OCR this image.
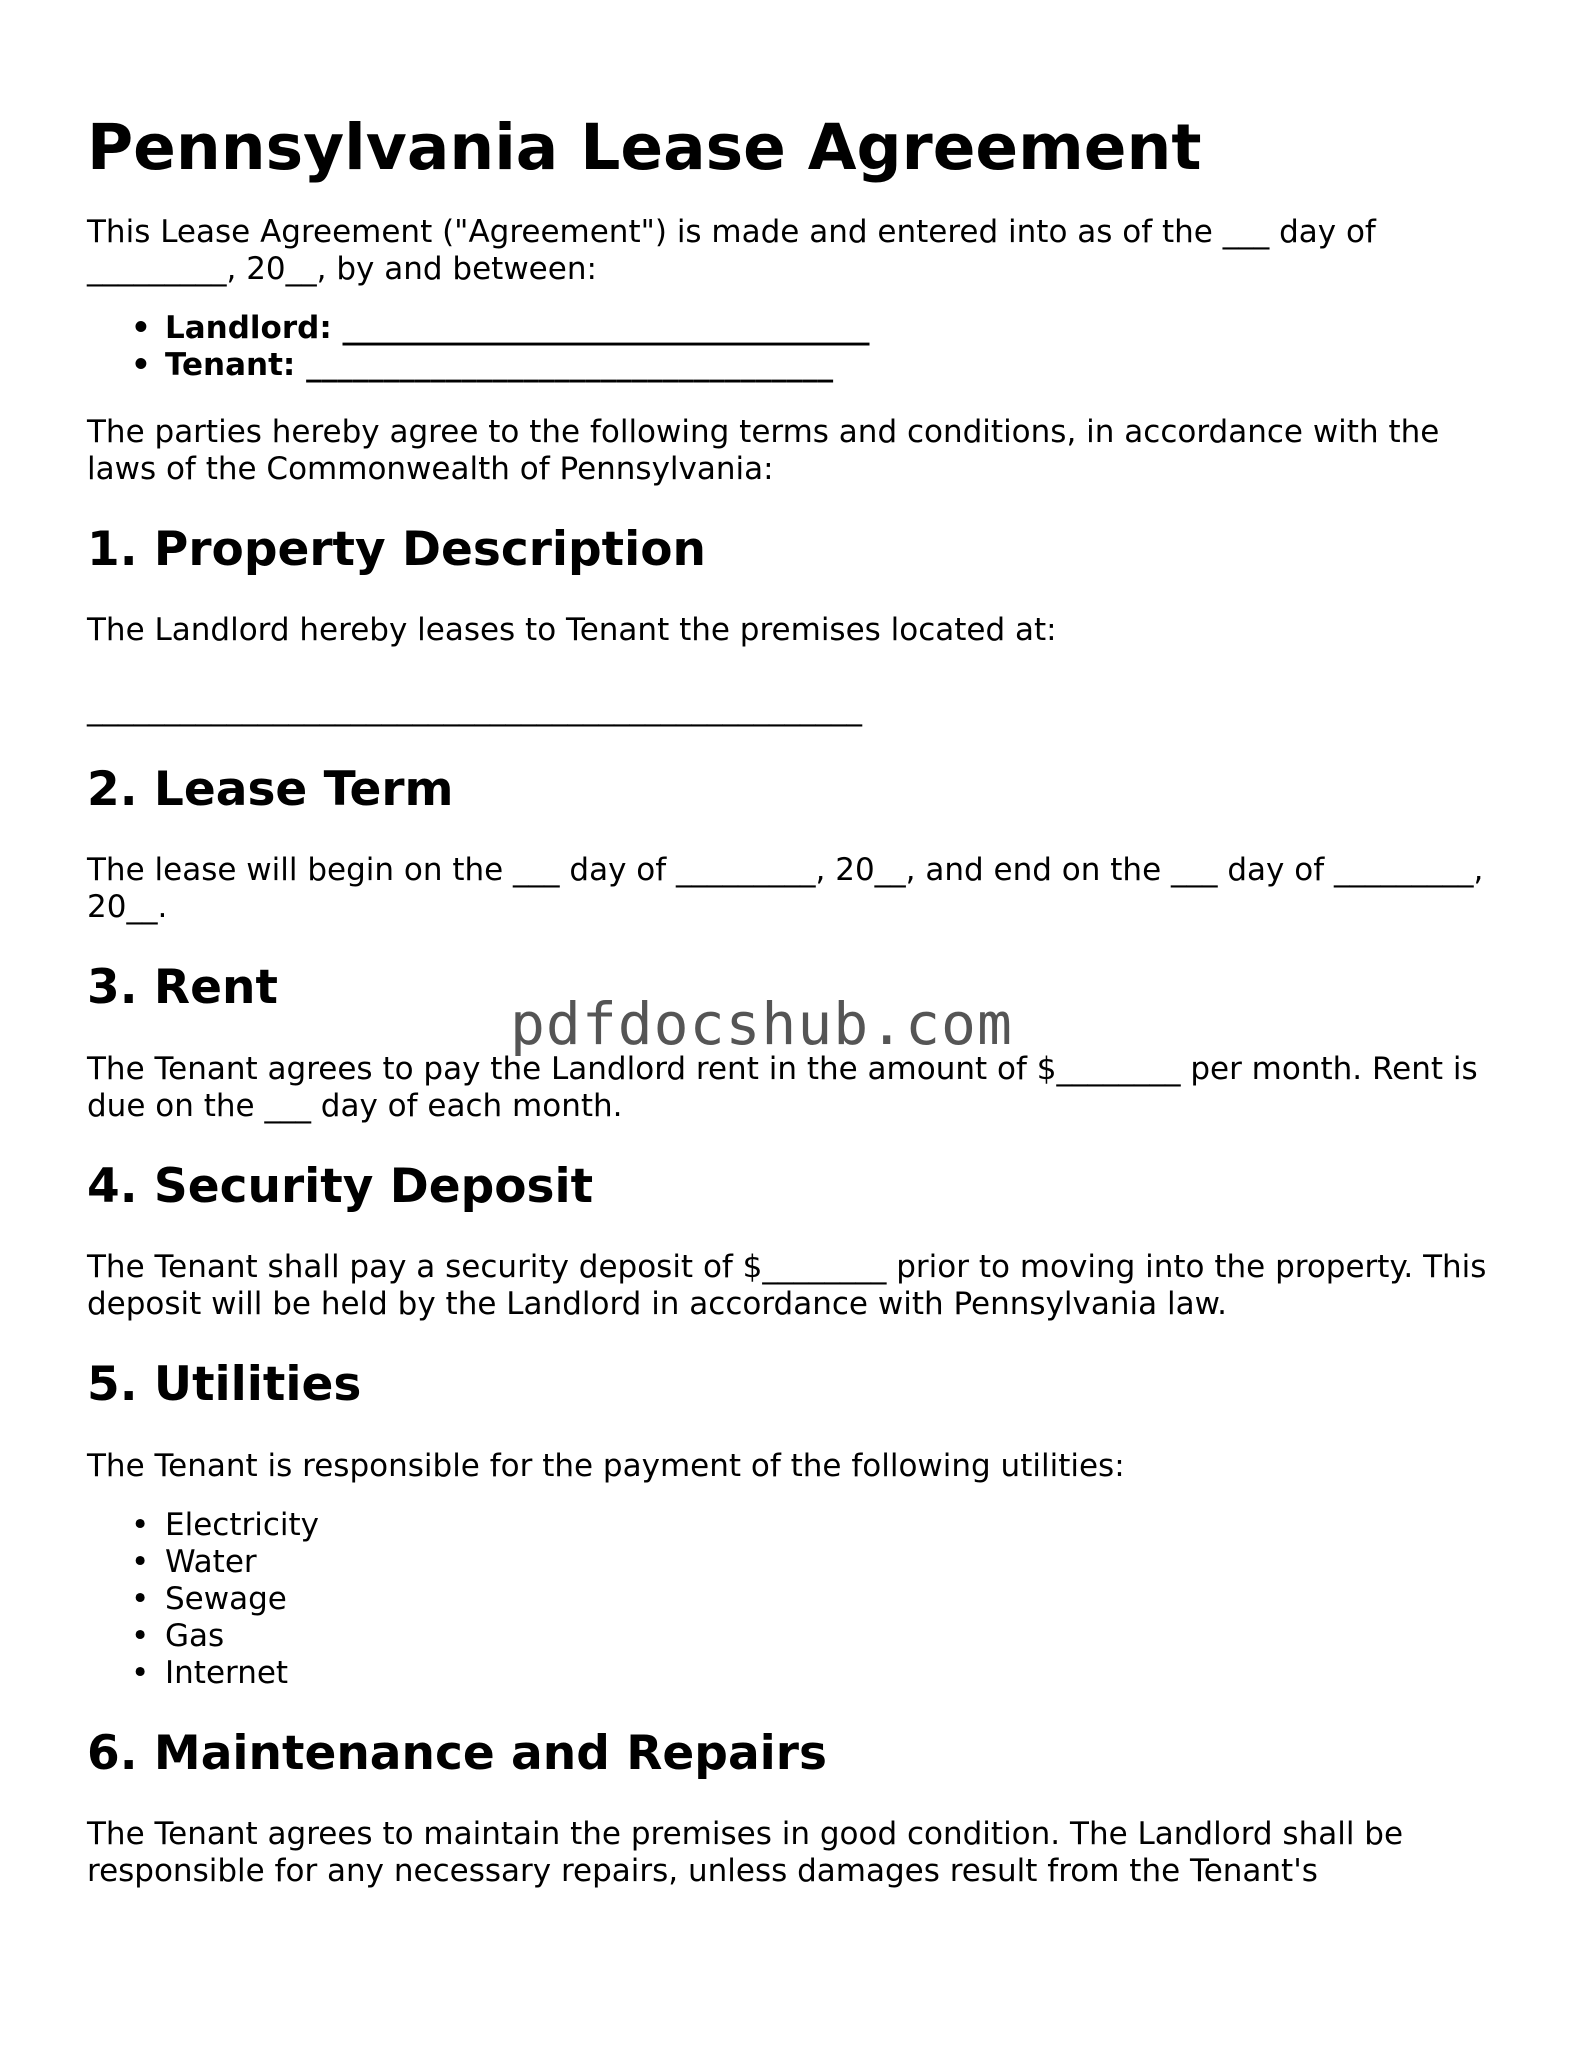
Pennsylvania Lease Agreement

This Lease Agreement ("Agreement") is made and entered into as of the ___ day of _________, 20__, by and between:

• Landlord: __________________________________
• Tenant: __________________________________

The parties hereby agree to the following terms and conditions, in accordance with the laws of the Commonwealth of Pennsylvania:

1. Property Description

The Landlord hereby leases to Tenant the premises located at:

__________________________________________________

2. Lease Term

The lease will begin on the ___ day of _________, 20__, and end on the ___ day of _________, 20__.

3. Rent

The Tenant agrees to pay the Landlord rent in the amount of $________ per month. Rent is due on the ___ day of each month.

4. Security Deposit

The Tenant shall pay a security deposit of $________ prior to moving into the property. This deposit will be held by the Landlord in accordance with Pennsylvania law.

5. Utilities

The Tenant is responsible for the payment of the following utilities:

• Electricity
• Water
• Sewage
• Gas
• Internet
6. Maintenance and Repairs

The Tenant agrees to maintain the premises in good condition. The Landlord shall be responsible for any necessary repairs, unless damages result from the Tenant's

pdfdocshub.com
